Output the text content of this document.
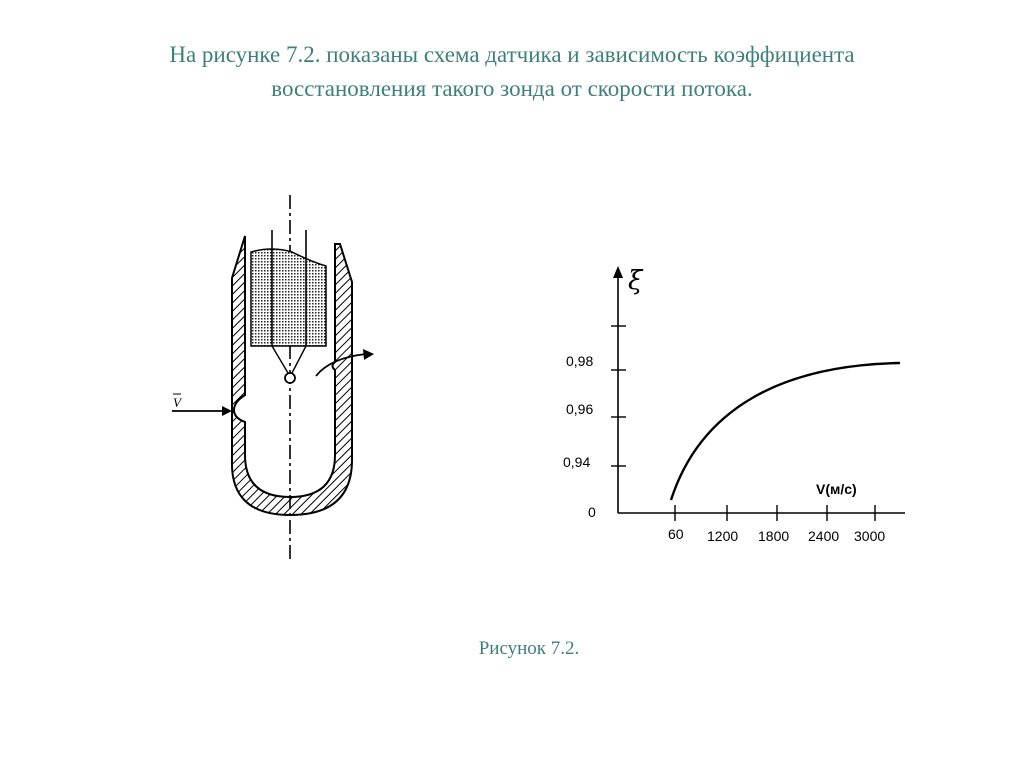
На рисунке 7.2. показаны схема датчика и зависимость коэффициента
восстановления такого зонда от скорости потока.
V
0,98
0,96
0,94
0
60 1200 1800 2400 3000
ξ
V(м/с)
Рисунок 7.2.
